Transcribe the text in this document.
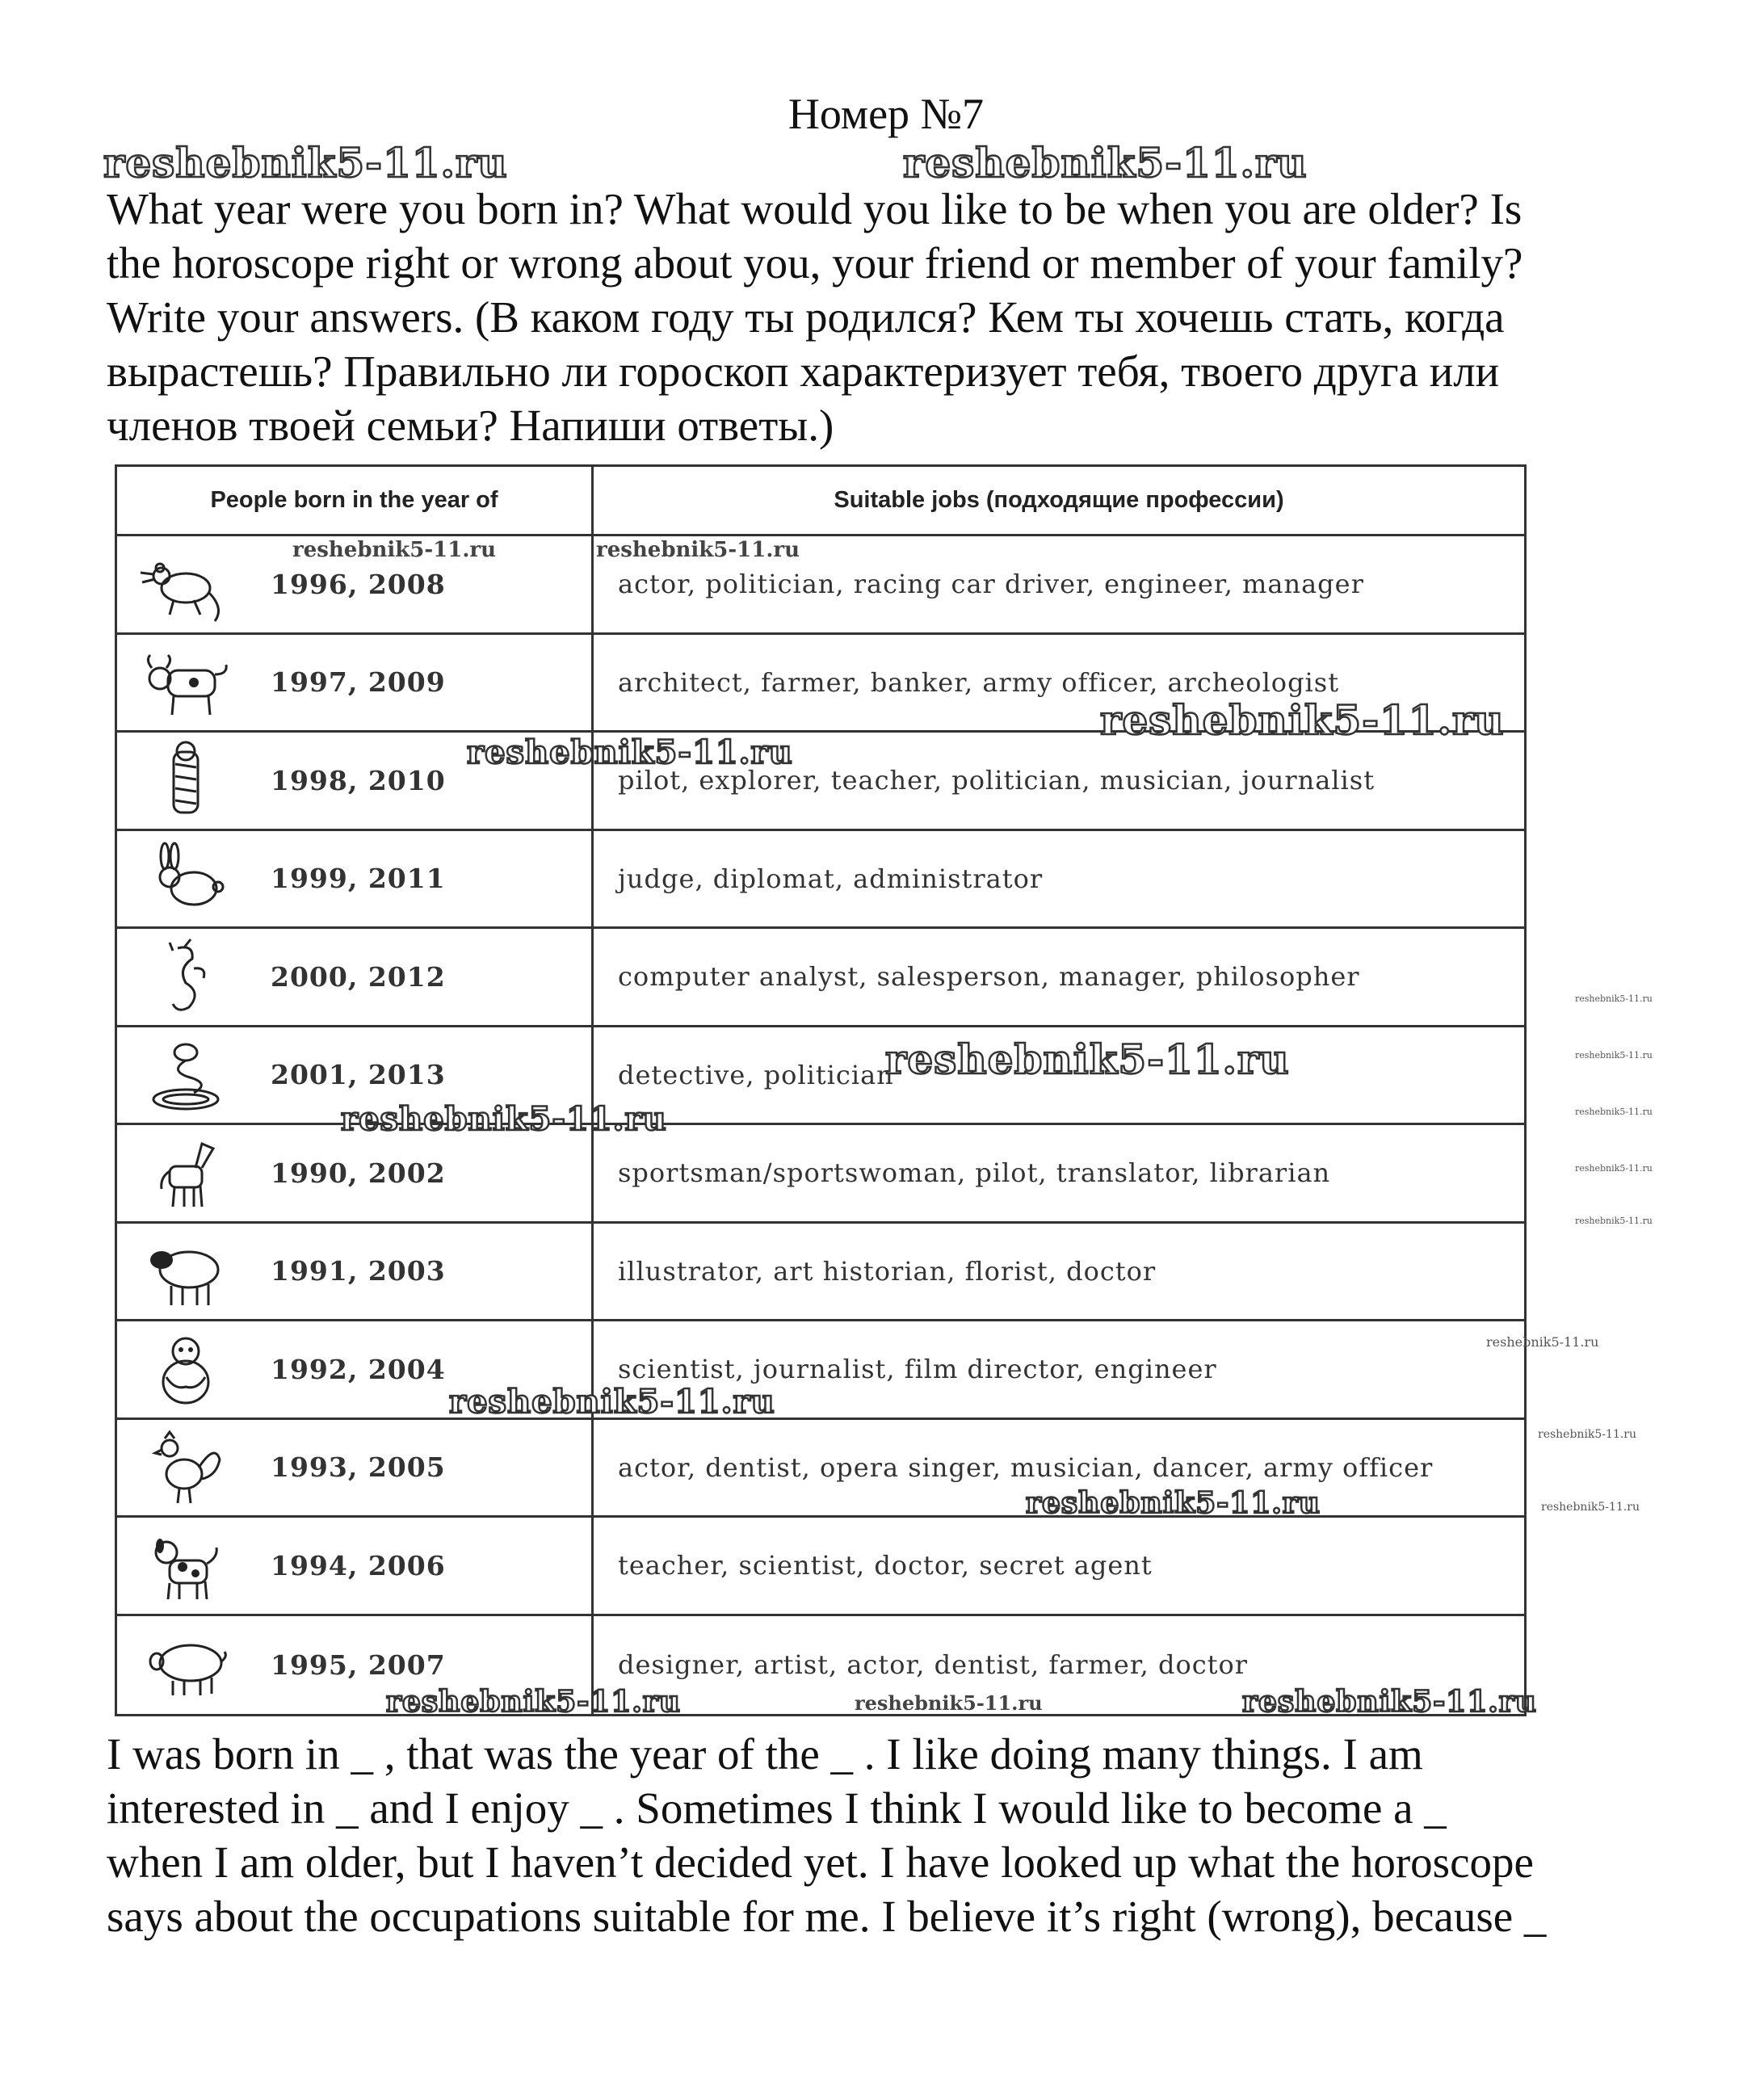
Номер №7
reshebnik5-11.ru	reshebnik5-11.ru

What year were you born in? What would you like to be when you are older? Is

the horoscope right or wrong about you, your friend or member of your family?

Write your answers. (В каком году ты родился? Кем ты хочешь стать, когда

вырастешь? Правильно ли гороскоп характеризует тебя, твоего друга или

членов твоей семьи? Напиши ответы.)

People born in the year of	Suitable jobs (подходящие профессии)
1996, 2008	actor, politician, racing car driver, engineer, manager
1997, 2009	architect, farmer, banker, army officer, archeologist
1998, 2010	pilot, explorer, teacher, politician, musician, journalist
1999, 2011	judge, diplomat, administrator
2000, 2012	computer analyst, salesperson, manager, philosopher
2001, 2013	detective, politician
1990, 2002	sportsman/sportswoman, pilot, translator, librarian
1991, 2003	illustrator, art historian, florist, doctor
1992, 2004	scientist, journalist, film director, engineer
1993, 2005	actor, dentist, opera singer, musician, dancer, army officer
1994, 2006	teacher, scientist, doctor, secret agent
1995, 2007	designer, artist, actor, dentist, farmer, doctor
reshebnik5-11.ru	reshebnik5-11.ru
reshebnik5-11.ru
reshebnik5-11.ru
reshebnik5-11.ru
reshebnik5-11.ru
reshebnik5-11.ru
reshebnik5-11.ru
reshebnik5-11.ru	reshebnik5-11.ru	reshebnik5-11.ru
reshebnik5-11.ru
reshebnik5-11.ru
reshebnik5-11.ru
reshebnik5-11.ru
reshebnik5-11.ru
reshebnik5-11.ru
reshebnik5-11.ru
reshebnik5-11.ru

I was born in _ , that was the year of the _ . I like doing many things. I am

interested in _ and I enjoy _ . Sometimes I think I would like to become a _

when I am older, but I haven’t decided yet. I have looked up what the horoscope

says about the occupations suitable for me. I believe it’s right (wrong), because _
